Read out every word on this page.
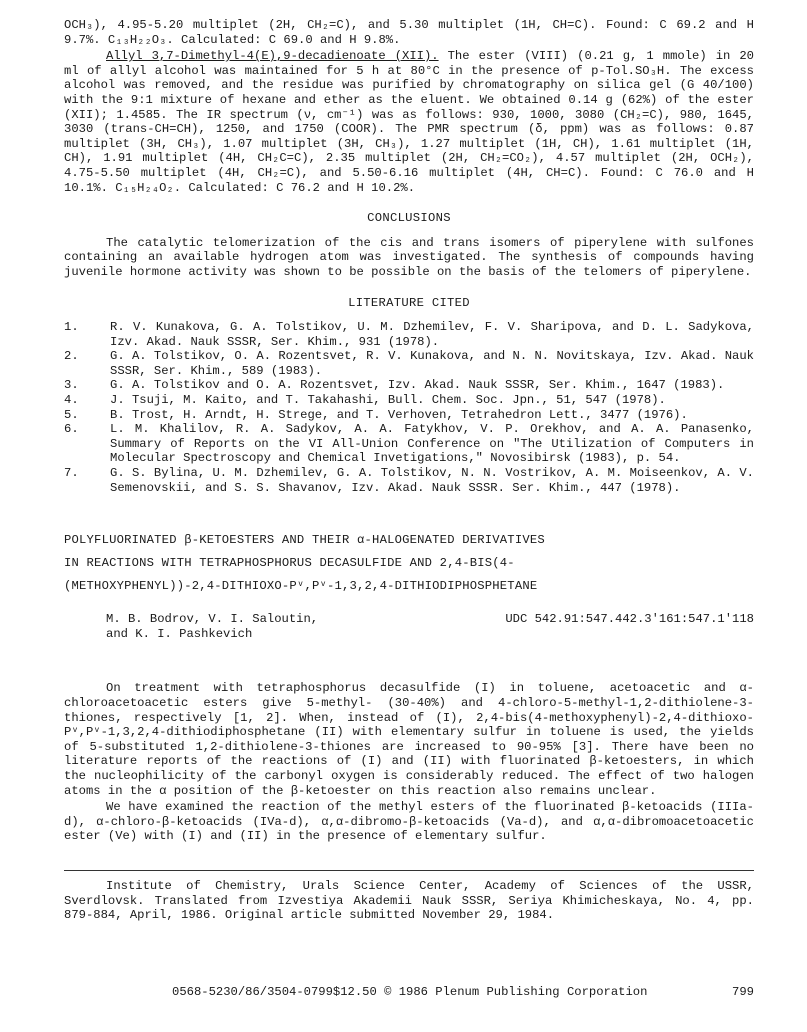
OCH₃), 4.95-5.20 multiplet (2H, CH₂=C), and 5.30 multiplet (1H, CH=C). Found: C 69.2 and H 9.7%. C₁₃H₂₂O₃. Calculated: C 69.0 and H 9.8%.

Allyl 3,7-Dimethyl-4(E),9-decadienoate (XII). The ester (VIII) (0.21 g, 1 mmole) in 20 ml of allyl alcohol was maintained for 5 h at 80°C in the presence of p-Tol.SO₃H. The excess alcohol was removed, and the residue was purified by chromatography on silica gel (G 40/100) with the 9:1 mixture of hexane and ether as the eluent. We obtained 0.14 g (62%) of the ester (XII); 1.4585. The IR spectrum (ν, cm⁻¹) was as follows: 930, 1000, 3080 (CH₂=C), 980, 1645, 3030 (trans-CH=CH), 1250, and 1750 (COOR). The PMR spectrum (δ, ppm) was as follows: 0.87 multiplet (3H, CH₃), 1.07 multiplet (3H, CH₃), 1.27 multiplet (1H, CH), 1.61 multiplet (1H, CH), 1.91 multiplet (4H, CH₂C=C), 2.35 multiplet (2H, CH₂=CO₂), 4.57 multiplet (2H, OCH₂), 4.75-5.50 multiplet (4H, CH₂=C), and 5.50-6.16 multiplet (4H, CH=C). Found: C 76.0 and H 10.1%. C₁₅H₂₄O₂. Calculated: C 76.2 and H 10.2%.

CONCLUSIONS

The catalytic telomerization of the cis and trans isomers of piperylene with sulfones containing an available hydrogen atom was investigated. The synthesis of compounds having juvenile hormone activity was shown to be possible on the basis of the telomers of piperylene.

LITERATURE CITED
1.	R. V. Kunakova, G. A. Tolstikov, U. M. Dzhemilev, F. V. Sharipova, and D. L. Sadykova, Izv. Akad. Nauk SSSR, Ser. Khim., 931 (1978).
2.	G. A. Tolstikov, O. A. Rozentsvet, R. V. Kunakova, and N. N. Novitskaya, Izv. Akad. Nauk SSSR, Ser. Khim., 589 (1983).
3.	G. A. Tolstikov and O. A. Rozentsvet, Izv. Akad. Nauk SSSR, Ser. Khim., 1647 (1983).
4.	J. Tsuji, M. Kaito, and T. Takahashi, Bull. Chem. Soc. Jpn., 51, 547 (1978).
5.	B. Trost, H. Arndt, H. Strege, and T. Verhoven, Tetrahedron Lett., 3477 (1976).
6.	L. M. Khalilov, R. A. Sadykov, A. A. Fatykhov, V. P. Orekhov, and A. A. Panasenko, Summary of Reports on the VI All-Union Conference on "The Utilization of Computers in Molecular Spectroscopy and Chemical Invetigations," Novosibirsk (1983), p. 54.
7.	G. S. Bylina, U. M. Dzhemilev, G. A. Tolstikov, N. N. Vostrikov, A. M. Moiseenkov, A. V. Semenovskii, and S. S. Shavanov, Izv. Akad. Nauk SSSR. Ser. Khim., 447 (1978).
POLYFLUORINATED β-KETOESTERS AND THEIR α-HALOGENATED DERIVATIVES
IN REACTIONS WITH TETRAPHOSPHORUS DECASULFIDE AND 2,4-BIS(4-
(METHOXYPHENYL))-2,4-DITHIOXO-Pᵛ,Pᵛ-1,3,2,4-DITHIODIPHOSPHETANE
M. B. Bodrov, V. I. Saloutin,
and K. I. Pashkevich
UDC 542.91:547.442.3'161:547.1'118

On treatment with tetraphosphorus decasulfide (I) in toluene, acetoacetic and α-chloroacetoacetic esters give 5-methyl- (30-40%) and 4-chloro-5-methyl-1,2-dithiolene-3-thiones, respectively [1, 2]. When, instead of (I), 2,4-bis(4-methoxyphenyl)-2,4-dithioxo-Pᵛ,Pᵛ-1,3,2,4-dithiodiphosphetane (II) with elementary sulfur in toluene is used, the yields of 5-substituted 1,2-dithiolene-3-thiones are increased to 90-95% [3]. There have been no literature reports of the reactions of (I) and (II) with fluorinated β-ketoesters, in which the nucleophilicity of the carbonyl oxygen is considerably reduced. The effect of two halogen atoms in the α position of the β-ketoester on this reaction also remains unclear.

We have examined the reaction of the methyl esters of the fluorinated β-ketoacids (IIIa-d), α-chloro-β-ketoacids (IVa-d), α,α-dibromo-β-ketoacids (Va-d), and α,α-dibromoacetoacetic ester (Ve) with (I) and (II) in the presence of elementary sulfur.

Institute of Chemistry, Urals Science Center, Academy of Sciences of the USSR, Sverdlovsk. Translated from Izvestiya Akademii Nauk SSSR, Seriya Khimicheskaya, No. 4, pp. 879-884, April, 1986. Original article submitted November 29, 1984.

0568-5230/86/3504-0799$12.50 © 1986 Plenum Publishing Corporation	799
